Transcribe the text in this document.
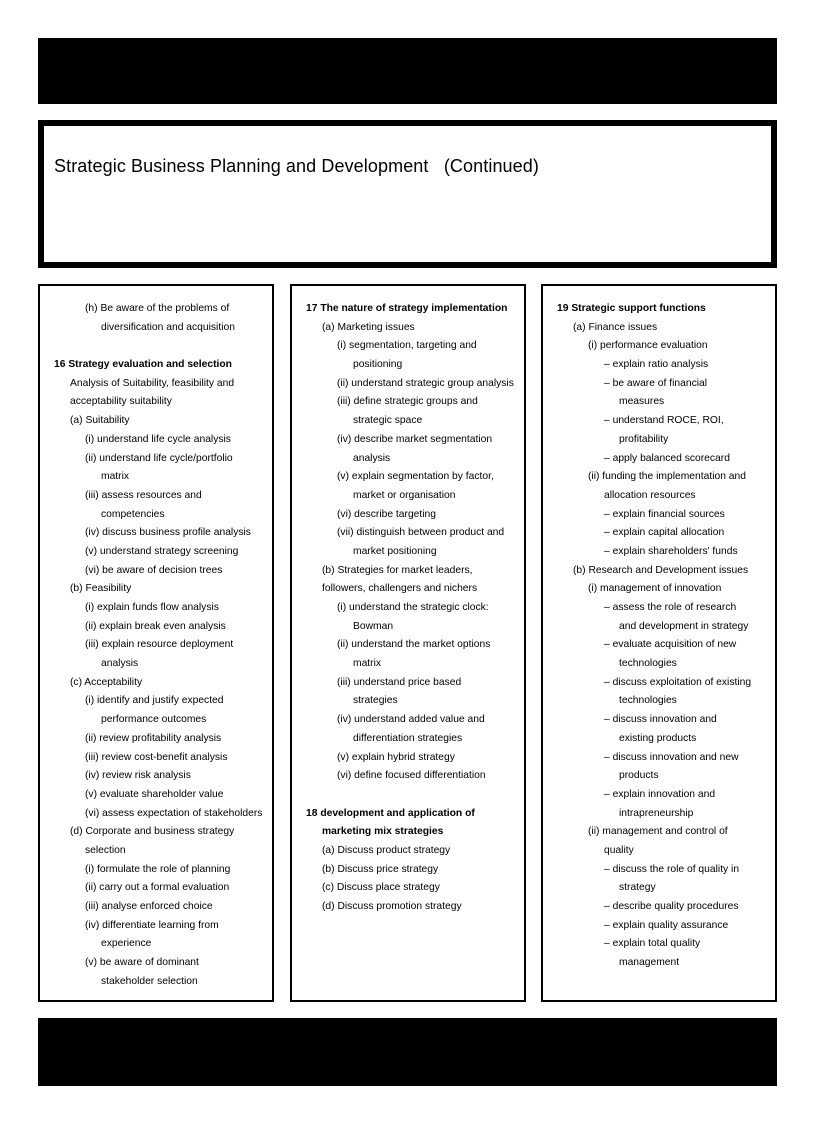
Strategic Business Planning and Development   (Continued)
(h) Be aware of the problems of
diversification and acquisition
16 Strategy evaluation and selection
Analysis of Suitability, feasibility and
acceptability suitability
(a) Suitability
(i) understand life cycle analysis
(ii) understand life cycle/portfolio
matrix
(iii) assess resources and
competencies
(iv) discuss business profile analysis
(v) understand strategy screening
(vi) be aware of decision trees
(b) Feasibility
(i) explain funds flow analysis
(ii) explain break even analysis
(iii) explain resource deployment
analysis
(c) Acceptability
(i) identify and justify expected
performance outcomes
(ii) review profitability analysis
(iii) review cost-benefit analysis
(iv) review risk analysis
(v) evaluate shareholder value
(vi) assess expectation of stakeholders
(d) Corporate and business strategy
selection
(i) formulate the role of planning
(ii) carry out a formal evaluation
(iii) analyse enforced choice
(iv) differentiate learning from
experience
(v) be aware of dominant
stakeholder selection
17 The nature of strategy implementation
(a) Marketing issues
(i) segmentation, targeting and
positioning
(ii) understand strategic group analysis
(iii) define strategic groups and
strategic space
(iv) describe market segmentation
analysis
(v) explain segmentation by factor,
market or organisation
(vi) describe targeting
(vii) distinguish between product and
market positioning
(b) Strategies for market leaders,
followers, challengers and nichers
(i) understand the strategic clock:
Bowman
(ii) understand the market options
matrix
(iii) understand price based
strategies
(iv) understand added value and
differentiation strategies
(v) explain hybrid strategy
(vi) define focused differentiation
18 development and application of
marketing mix strategies
(a) Discuss product strategy
(b) Discuss price strategy
(c) Discuss place strategy
(d) Discuss promotion strategy
19 Strategic support functions
(a) Finance issues
(i) performance evaluation
– explain ratio analysis
– be aware of financial
measures
– understand ROCE, ROI,
profitability
– apply balanced scorecard
(ii) funding the implementation and
allocation resources
– explain financial sources
– explain capital allocation
– explain shareholders' funds
(b) Research and Development issues
(i) management of innovation
– assess the role of research
and development in strategy
– evaluate acquisition of new
technologies
– discuss exploitation of existing
technologies
– discuss innovation and
existing products
– discuss innovation and new
products
– explain innovation and
intrapreneurship
(ii) management and control of
quality
– discuss the role of quality in
strategy
– describe quality procedures
– explain quality assurance
– explain total quality
management
